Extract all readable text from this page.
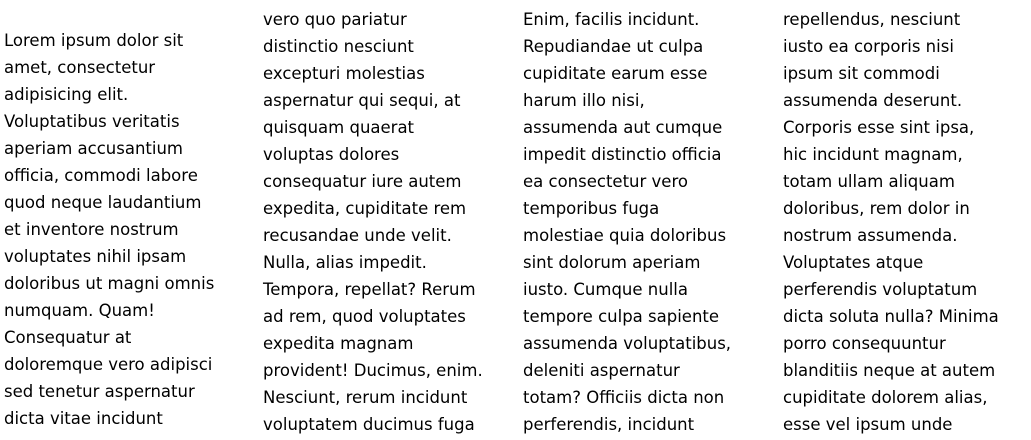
Lorem ipsum dolor sit
amet, consectetur
adipisicing elit.
Voluptatibus veritatis
aperiam accusantium
officia, commodi labore
quod neque laudantium
et inventore nostrum
voluptates nihil ipsam
doloribus ut magni omnis
numquam. Quam!
Consequatur at
doloremque vero adipisci
sed tenetur aspernatur
dicta vitae incidunt
vero quo pariatur
distinctio nesciunt
excepturi molestias
aspernatur qui sequi, at
quisquam quaerat
voluptas dolores
consequatur iure autem
expedita, cupiditate rem
recusandae unde velit.
Nulla, alias impedit.
Tempora, repellat? Rerum
ad rem, quod voluptates
expedita magnam
provident! Ducimus, enim.
Nesciunt, rerum incidunt
voluptatem ducimus fuga
Enim, facilis incidunt.
Repudiandae ut culpa
cupiditate earum esse
harum illo nisi,
assumenda aut cumque
impedit distinctio officia
ea consectetur vero
temporibus fuga
molestiae quia doloribus
sint dolorum aperiam
iusto. Cumque nulla
tempore culpa sapiente
assumenda voluptatibus,
deleniti aspernatur
totam? Officiis dicta non
perferendis, incidunt
repellendus, nesciunt
iusto ea corporis nisi
ipsum sit commodi
assumenda deserunt.
Corporis esse sint ipsa,
hic incidunt magnam,
totam ullam aliquam
doloribus, rem dolor in
nostrum assumenda.
Voluptates atque
perferendis voluptatum
dicta soluta nulla? Minima
porro consequuntur
blanditiis neque at autem
cupiditate dolorem alias,
esse vel ipsum unde
